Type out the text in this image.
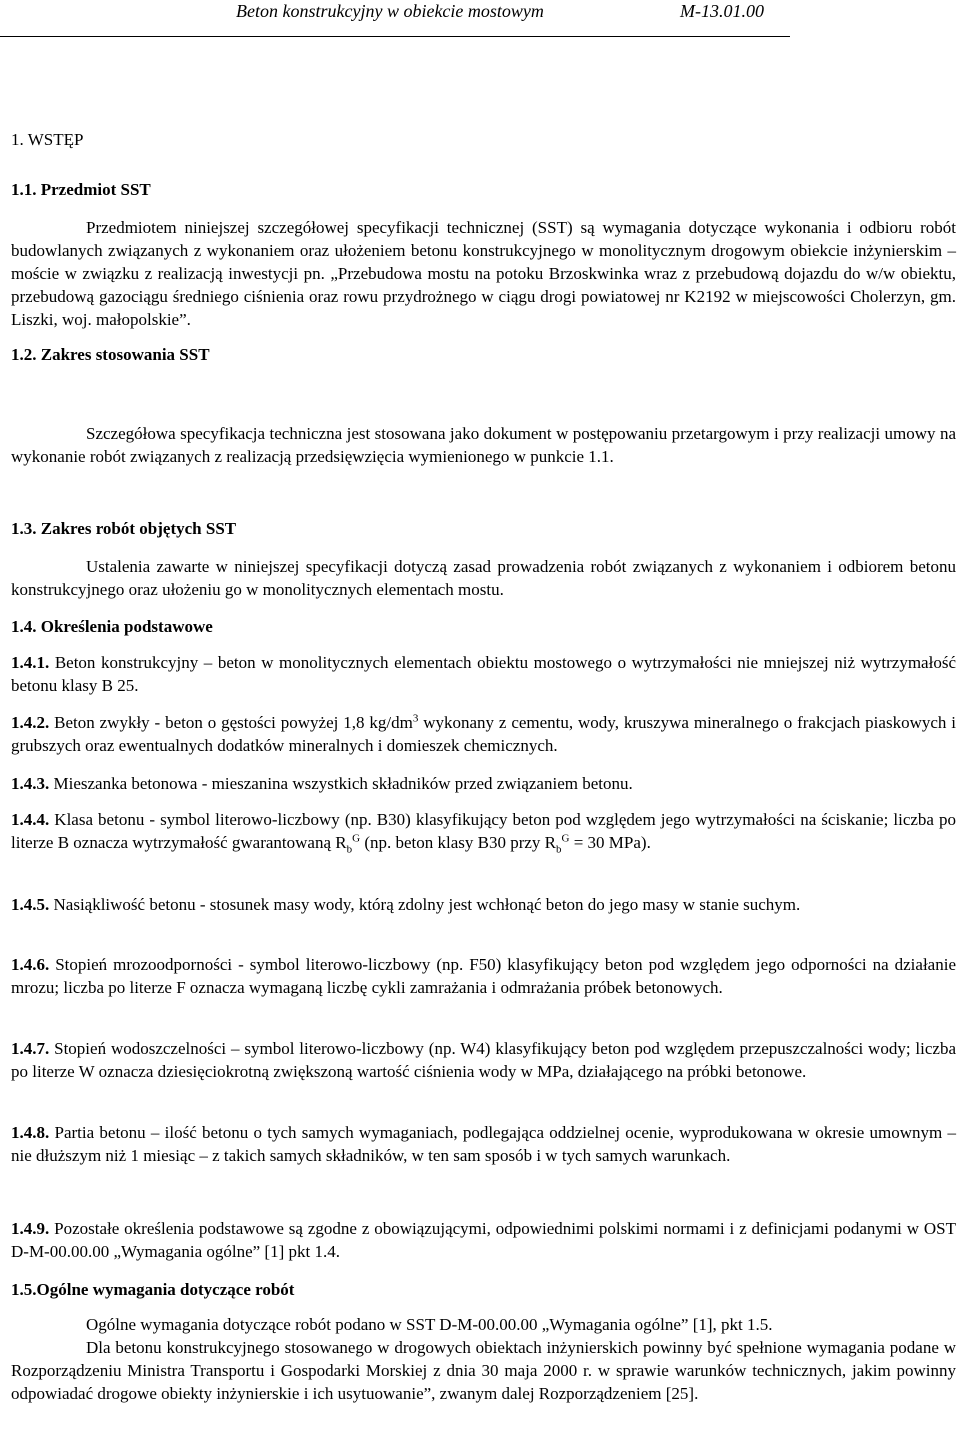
Beton konstrukcyjny w obiekcie mostowym	M-13.01.00
1. WSTĘP
1.1. Przedmiot SST
Przedmiotem niniejszej szczegółowej specyfikacji technicznej (SST) są wymagania dotyczące wykonania i odbioru robót budowlanych związanych z wykonaniem oraz ułożeniem betonu konstrukcyjnego w monolitycznym drogowym obiekcie inżynierskim – moście w związku z realizacją inwestycji pn. „Przebudowa mostu na potoku Brzoskwinka wraz z przebudową dojazdu do w/w obiektu, przebudową gazociągu średniego ciśnienia oraz rowu przydrożnego w ciągu drogi powiatowej nr K2192 w miejscowości Cholerzyn, gm. Liszki, woj. małopolskie”.
1.2. Zakres stosowania SST
Szczegółowa specyfikacja techniczna jest stosowana jako dokument w postępowaniu przetargowym i przy realizacji umowy na wykonanie robót związanych z realizacją przedsięwzięcia wymienionego w punkcie 1.1.
1.3. Zakres robót objętych SST
Ustalenia zawarte w niniejszej specyfikacji dotyczą zasad prowadzenia robót związanych z wykonaniem i odbiorem betonu konstrukcyjnego oraz ułożeniu go w monolitycznych elementach mostu.
1.4. Określenia podstawowe
1.4.1. Beton konstrukcyjny – beton w monolitycznych elementach obiektu mostowego o wytrzymałości nie mniejszej niż wytrzymałość betonu klasy B 25.
1.4.2. Beton zwykły - beton o gęstości powyżej 1,8 $kg/dm^3$ wykonany z cementu, wody, kruszywa mineralnego o frakcjach piaskowych i grubszych oraz ewentualnych dodatków mineralnych i domieszek chemicznych.
1.4.3. Mieszanka betonowa - mieszanina wszystkich składników przed związaniem betonu.
1.4.4. Klasa betonu - symbol literowo-liczbowy (np. B30) klasyfikujący beton pod względem jego wytrzymałości na ściskanie; liczba po literze B oznacza wytrzymałość gwarantowaną $R_b^G$ (np. beton klasy B30 przy $R_b^G = 30$ MPa).
1.4.5. Nasiąkliwość betonu - stosunek masy wody, którą zdolny jest wchłonąć beton do jego masy w stanie suchym.
1.4.6. Stopień mrozoodporności - symbol literowo-liczbowy (np. F50) klasyfikujący beton pod względem jego odporności na działanie mrozu; liczba po literze F oznacza wymaganą liczbę cykli zamrażania i odmrażania próbek betonowych.
1.4.7. Stopień wodoszczelności – symbol literowo-liczbowy (np. W4) klasyfikujący beton pod względem przepuszczalności wody; liczba po literze W oznacza dziesięciokrotną zwiększoną wartość ciśnienia wody w MPa, działającego na próbki betonowe.
1.4.8. Partia betonu – ilość betonu o tych samych wymaganiach, podlegająca oddzielnej ocenie, wyprodukowana w okresie umownym – nie dłuższym niż 1 miesiąc – z takich samych składników, w ten sam sposób i w tych samych warunkach.
1.4.9. Pozostałe określenia podstawowe są zgodne z obowiązującymi, odpowiednimi polskimi normami i z definicjami podanymi w OST D-M-00.00.00 „Wymagania ogólne” [1] pkt 1.4.
1.5.Ogólne wymagania dotyczące robót
Ogólne wymagania dotyczące robót podano w SST D-M-00.00.00 „Wymagania ogólne” [1], pkt 1.5.
Dla betonu konstrukcyjnego stosowanego w drogowych obiektach inżynierskich powinny być spełnione wymagania podane w Rozporządzeniu Ministra Transportu i Gospodarki Morskiej z dnia 30 maja 2000 r. w sprawie warunków technicznych, jakim powinny odpowiadać drogowe obiekty inżynierskie i ich usytuowanie”, zwanym dalej Rozporządzeniem [25].
